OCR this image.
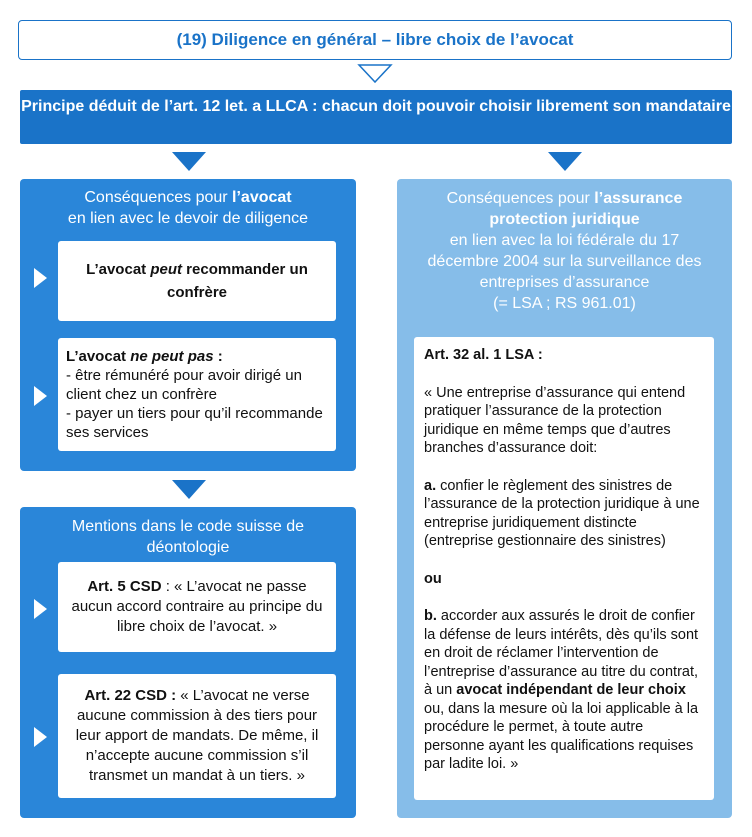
(19) Diligence en général – libre choix de l’avocat
Principe déduit de l’art. 12 let. a LLCA : chacun doit pouvoir choisir librement son mandataire
Conséquences pour l’avocat
en lien avec le devoir de diligence
L’avocat peut recommander un confrère
L’avocat ne peut pas :
- être rémunéré pour avoir dirigé un client chez un confrère
- payer un tiers pour qu’il recommande ses services
Mentions dans le code suisse de déontologie
Art. 5 CSD : « L’avocat ne passe aucun accord contraire au principe du libre choix de l’avocat. »
Art. 22 CSD : « L’avocat ne verse aucune commission à des tiers pour leur apport de mandats. De même, il n’accepte aucune commission s’il transmet un mandat à un tiers. »
Conséquences pour l’assurance protection juridique
en lien avec la loi fédérale du 17 décembre 2004 sur la surveillance des entreprises d’assurance
(= LSA ; RS 961.01)
Art. 32 al. 1 LSA :
« Une entreprise d’assurance qui entend pratiquer l’assurance de la protection juridique en même temps que d’autres branches d’assurance doit:
a. confier le règlement des sinistres de l’assurance de la protection juridique à une entreprise juridiquement distincte (entreprise gestionnaire des sinistres)
ou
b. accorder aux assurés le droit de confier la défense de leurs intérêts, dès qu’ils sont en droit de réclamer l’intervention de l’entreprise d’assurance au titre du contrat, à un avocat indépendant de leur choix ou, dans la mesure où la loi applicable à la procédure le permet, à toute autre personne ayant les qualifications requises par ladite loi. »
